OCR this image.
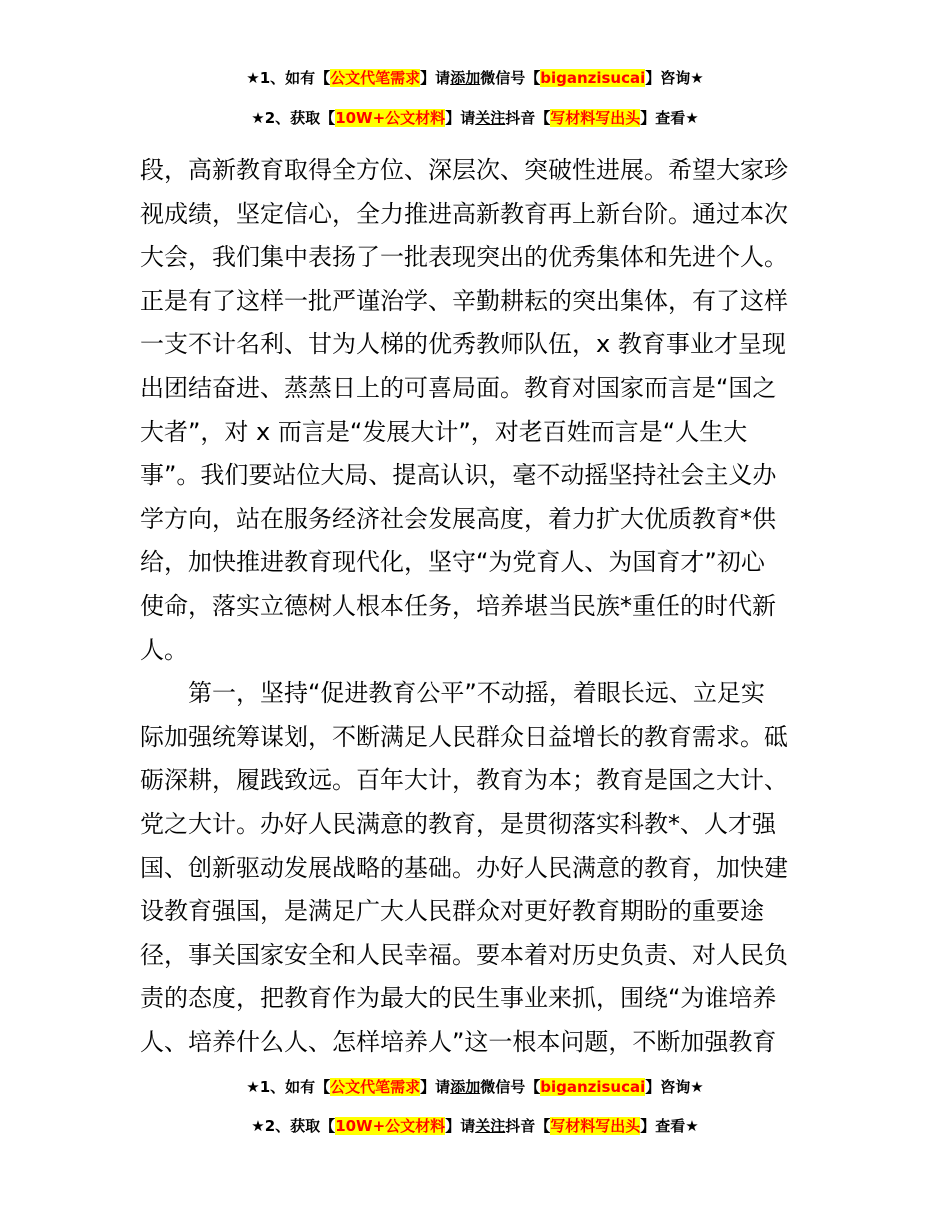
★1、如有【公文代笔需求】请添加微信号【biganzisucai】咨询★
★2、获取【10W+公文材料】请关注抖音【写材料写出头】查看★
段，高新教育取得全方位、深层次、突破性进展。希望大家珍
视成绩，坚定信心，全力推进高新教育再上新台阶。通过本次
大会，我们集中表扬了一批表现突出的优秀集体和先进个人。
正是有了这样一批严谨治学、辛勤耕耘的突出集体，有了这样
一支不计名利、甘为人梯的优秀教师队伍，x 教育事业才呈现
出团结奋进、蒸蒸日上的可喜局面。教育对国家而言是“国之
大者”，对 x 而言是“发展大计”，对老百姓而言是“人生大
事”。我们要站位大局、提高认识，毫不动摇坚持社会主义办
学方向，站在服务经济社会发展高度，着力扩大优质教育*供
给，加快推进教育现代化，坚守“为党育人、为国育才”初心
使命，落实立德树人根本任务，培养堪当民族*重任的时代新
人。
第一，坚持“促进教育公平”不动摇，着眼长远、立足实
际加强统筹谋划，不断满足人民群众日益增长的教育需求。砥
砺深耕，履践致远。百年大计，教育为本；教育是国之大计、
党之大计。办好人民满意的教育，是贯彻落实科教*、人才强
国、创新驱动发展战略的基础。办好人民满意的教育，加快建
设教育强国，是满足广大人民群众对更好教育期盼的重要途
径，事关国家安全和人民幸福。要本着对历史负责、对人民负
责的态度，把教育作为最大的民生事业来抓，围绕“为谁培养
人、培养什么人、怎样培养人”这一根本问题，不断加强教育
★1、如有【公文代笔需求】请添加微信号【biganzisucai】咨询★
★2、获取【10W+公文材料】请关注抖音【写材料写出头】查看★
